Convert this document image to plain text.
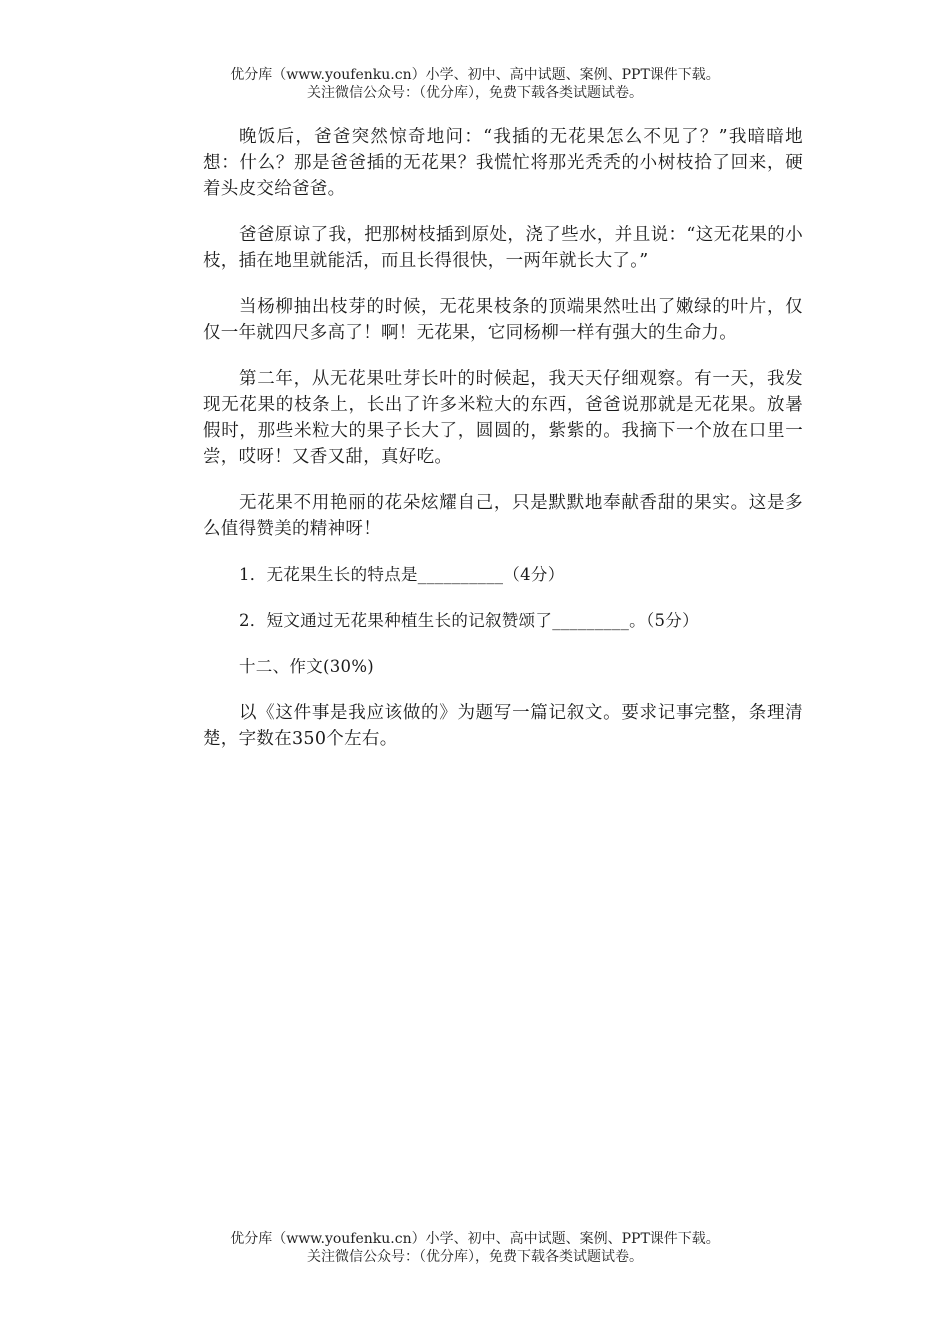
优分库（www.youfenku.cn）小学、初中、高中试题、案例、PPT课件下载。
关注微信公众号：（优分库），免费下载各类试题试卷。

晚饭后，爸爸突然惊奇地问：“我插的无花果怎么不见了？”我暗暗地想：什么？那是爸爸插的无花果？我慌忙将那光秃秃的小树枝拾了回来，硬着头皮交给爸爸。

爸爸原谅了我，把那树枝插到原处，浇了些水，并且说：“这无花果的小枝，插在地里就能活，而且长得很快，一两年就长大了。”

当杨柳抽出枝芽的时候，无花果枝条的顶端果然吐出了嫩绿的叶片，仅仅一年就四尺多高了！啊！无花果，它同杨柳一样有强大的生命力。

第二年，从无花果吐芽长叶的时候起，我天天仔细观察。有一天，我发现无花果的枝条上，长出了许多米粒大的东西，爸爸说那就是无花果。放暑假时，那些米粒大的果子长大了，圆圆的，紫紫的。我摘下一个放在口里一尝，哎呀！又香又甜，真好吃。

无花果不用艳丽的花朵炫耀自己，只是默默地奉献香甜的果实。这是多么值得赞美的精神呀！

1．无花果生长的特点是__________（4分）

2．短文通过无花果种植生长的记叙赞颂了_________。（5分）

十二、作文(30%)

以《这件事是我应该做的》为题写一篇记叙文。要求记事完整，条理清楚，字数在350个左右。

优分库（www.youfenku.cn）小学、初中、高中试题、案例、PPT课件下载。
关注微信公众号：（优分库），免费下载各类试题试卷。
